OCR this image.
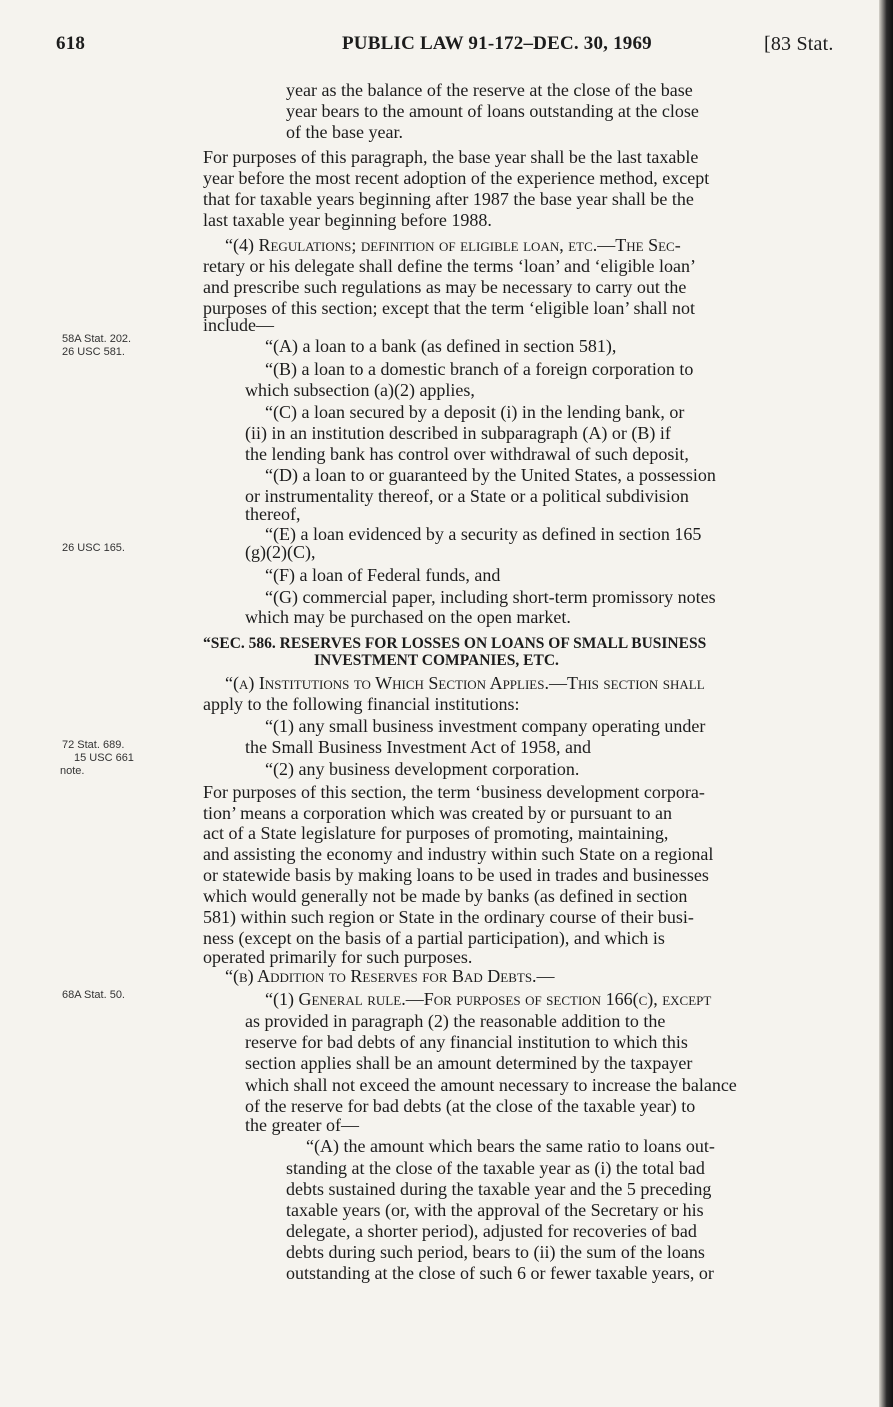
618	PUBLIC LAW 91-172–DEC. 30, 1969	[83 Stat.
58A Stat. 202.
26 USC 581.
26 USC 165.
72 Stat. 689.
15 USC 661
note.
68A Stat. 50.
year as the balance of the reserve at the close of the base
year bears to the amount of loans outstanding at the close
of the base year.
For purposes of this paragraph, the base year shall be the last taxable
year before the most recent adoption of the experience method, except
that for taxable years beginning after 1987 the base year shall be the
last taxable year beginning before 1988.
“(4) Regulations; definition of eligible loan, etc.—The Sec-
retary or his delegate shall define the terms ‘loan’ and ‘eligible loan’
and prescribe such regulations as may be necessary to carry out the
purposes of this section; except that the term ‘eligible loan’ shall not
include—
“(A) a loan to a bank (as defined in section 581),
“(B) a loan to a domestic branch of a foreign corporation to
which subsection (a)(2) applies,
“(C) a loan secured by a deposit (i) in the lending bank, or
(ii) in an institution described in subparagraph (A) or (B) if
the lending bank has control over withdrawal of such deposit,
“(D) a loan to or guaranteed by the United States, a possession
or instrumentality thereof, or a State or a political subdivision
thereof,
“(E) a loan evidenced by a security as defined in section 165
(g)(2)(C),
“(F) a loan of Federal funds, and
“(G) commercial paper, including short-term promissory notes
which may be purchased on the open market.
“SEC. 586. RESERVES FOR LOSSES ON LOANS OF SMALL BUSINESS
INVESTMENT COMPANIES, ETC.
“(a) Institutions to Which Section Applies.—This section shall
apply to the following financial institutions:
“(1) any small business investment company operating under
the Small Business Investment Act of 1958, and
“(2) any business development corporation.
For purposes of this section, the term ‘business development corpora-
tion’ means a corporation which was created by or pursuant to an
act of a State legislature for purposes of promoting, maintaining,
and assisting the economy and industry within such State on a regional
or statewide basis by making loans to be used in trades and businesses
which would generally not be made by banks (as defined in section
581) within such region or State in the ordinary course of their busi-
ness (except on the basis of a partial participation), and which is
operated primarily for such purposes.
“(b) Addition to Reserves for Bad Debts.—
“(1) General rule.—For purposes of section 166(c), except
as provided in paragraph (2) the reasonable addition to the
reserve for bad debts of any financial institution to which this
section applies shall be an amount determined by the taxpayer
which shall not exceed the amount necessary to increase the balance
of the reserve for bad debts (at the close of the taxable year) to
the greater of—
“(A) the amount which bears the same ratio to loans out-
standing at the close of the taxable year as (i) the total bad
debts sustained during the taxable year and the 5 preceding
taxable years (or, with the approval of the Secretary or his
delegate, a shorter period), adjusted for recoveries of bad
debts during such period, bears to (ii) the sum of the loans
outstanding at the close of such 6 or fewer taxable years, or
